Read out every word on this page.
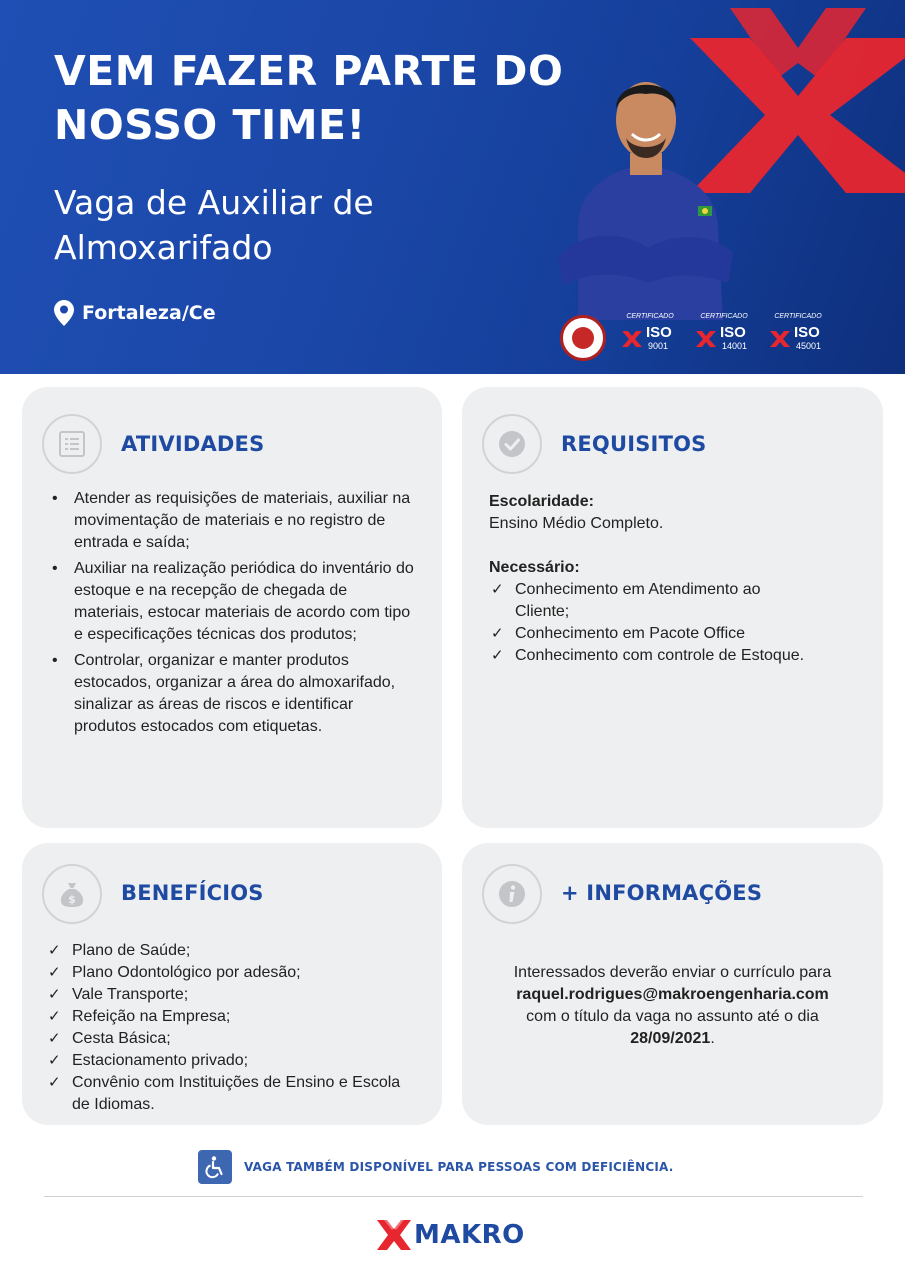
VEM FAZER PARTE DO
NOSSO TIME!
Vaga de Auxiliar de
Almoxarifado
Fortaleza/Ce	CERTIFICADO
ISO
9001
CERTIFICADO
ISO
14001
CERTIFICADO
ISO
45001
ATIVIDADES
• Atender as requisições de materiais, auxiliar na movimentação de materiais e no registro de entrada e saída;
• Auxiliar na realização periódica do inventário do estoque e na recepção de chegada de materiais, estocar materiais de acordo com tipo e especificações técnicas dos produtos;
• Controlar, organizar e manter produtos estocados, organizar a área do almoxarifado, sinalizar as áreas de riscos e identificar produtos estocados com etiquetas.
REQUISITOS
Escolaridade:
Ensino Médio Completo.
Necessário:
✓ Conhecimento em Atendimento ao Cliente;
✓ Conhecimento em Pacote Office
✓ Conhecimento com controle de Estoque.
$ BENEFÍCIOS
✓ Plano de Saúde;
✓ Plano Odontológico por adesão;
✓ Vale Transporte;
✓ Refeição na Empresa;
✓ Cesta Básica;
✓ Estacionamento privado;
✓ Convênio com Instituições de Ensino e Escola de Idiomas.
+ INFORMAÇÕES
Interessados deverão enviar o currículo para
raquel.rodrigues@makroengenharia.com
com o título da vaga no assunto até o dia
28/09/2021.
VAGA TAMBÉM DISPONÍVEL PARA PESSOAS COM DEFICIÊNCIA.
MAKRO
